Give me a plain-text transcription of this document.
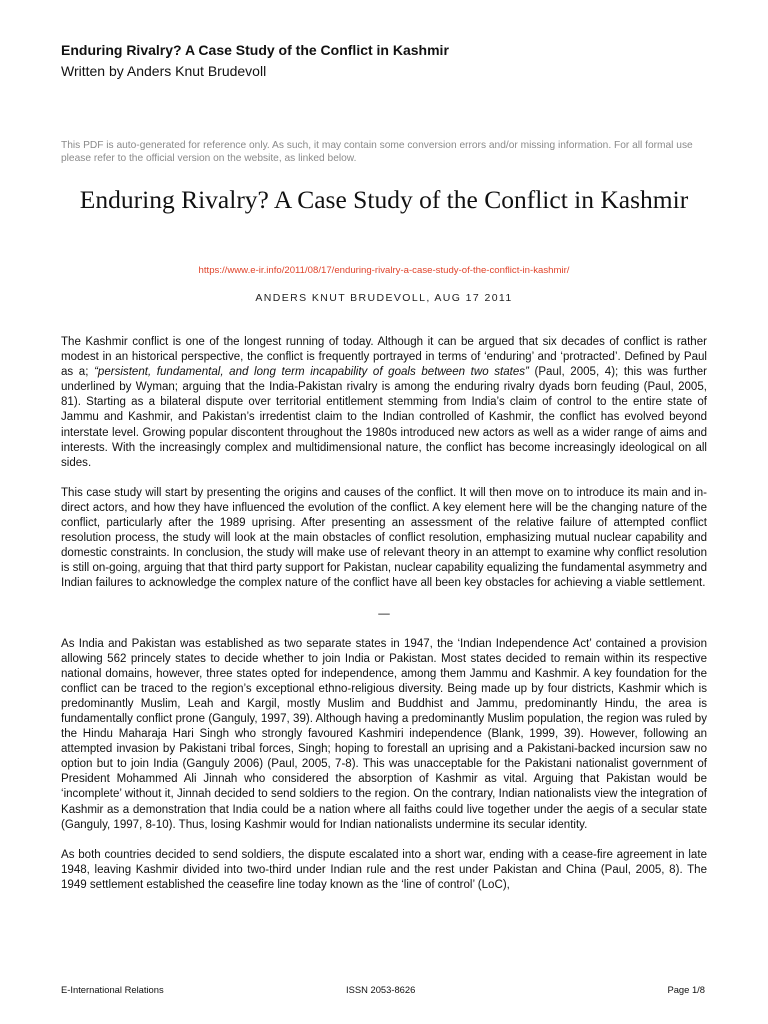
Enduring Rivalry? A Case Study of the Conflict in Kashmir
Written by Anders Knut Brudevoll
This PDF is auto-generated for reference only. As such, it may contain some conversion errors and/or missing information. For all formal use please refer to the official version on the website, as linked below.
Enduring Rivalry? A Case Study of the Conflict in Kashmir
https://www.e-ir.info/2011/08/17/enduring-rivalry-a-case-study-of-the-conflict-in-kashmir/
ANDERS KNUT BRUDEVOLL, AUG 17 2011

The Kashmir conflict is one of the longest running of today. Although it can be argued that six decades of conflict is rather modest in an historical perspective, the conflict is frequently portrayed in terms of ‘enduring’ and ‘protracted’. Defined by Paul as a; “persistent, fundamental, and long term incapability of goals between two states” (Paul, 2005, 4); this was further underlined by Wyman; arguing that the India-Pakistan rivalry is among the enduring rivalry dyads born feuding (Paul, 2005, 81). Starting as a bilateral dispute over territorial entitlement stemming from India’s claim of control to the entire state of Jammu and Kashmir, and Pakistan’s irredentist claim to the Indian controlled of Kashmir, the conflict has evolved beyond interstate level. Growing popular discontent throughout the 1980s introduced new actors as well as a wider range of aims and interests. With the increasingly complex and multidimensional nature, the conflict has become increasingly ideological on all sides.

This case study will start by presenting the origins and causes of the conflict. It will then move on to introduce its main and in-direct actors, and how they have influenced the evolution of the conflict. A key element here will be the changing nature of the conflict, particularly after the 1989 uprising. After presenting an assessment of the relative failure of attempted conflict resolution process, the study will look at the main obstacles of conflict resolution, emphasizing mutual nuclear capability and domestic constraints. In conclusion, the study will make use of relevant theory in an attempt to examine why conflict resolution is still on-going, arguing that that third party support for Pakistan, nuclear capability equalizing the fundamental asymmetry and Indian failures to acknowledge the complex nature of the conflict have all been key obstacles for achieving a viable settlement.

—

As India and Pakistan was established as two separate states in 1947, the ‘Indian Independence Act’ contained a provision allowing 562 princely states to decide whether to join India or Pakistan. Most states decided to remain within its respective national domains, however, three states opted for independence, among them Jammu and Kashmir. A key foundation for the conflict can be traced to the region’s exceptional ethno-religious diversity. Being made up by four districts, Kashmir which is predominantly Muslim, Leah and Kargil, mostly Muslim and Buddhist and Jammu, predominantly Hindu, the area is fundamentally conflict prone (Ganguly, 1997, 39). Although having a predominantly Muslim population, the region was ruled by the Hindu Maharaja Hari Singh who strongly favoured Kashmiri independence (Blank, 1999, 39). However, following an attempted invasion by Pakistani tribal forces, Singh; hoping to forestall an uprising and a Pakistani-backed incursion saw no option but to join India (Ganguly 2006) (Paul, 2005, 7-8). This was unacceptable for the Pakistani nationalist government of President Mohammed Ali Jinnah who considered the absorption of Kashmir as vital. Arguing that Pakistan would be ‘incomplete’ without it, Jinnah decided to send soldiers to the region. On the contrary, Indian nationalists view the integration of Kashmir as a demonstration that India could be a nation where all faiths could live together under the aegis of a secular state (Ganguly, 1997, 8-10). Thus, losing Kashmir would for Indian nationalists undermine its secular identity.

As both countries decided to send soldiers, the dispute escalated into a short war, ending with a cease-fire agreement in late 1948, leaving Kashmir divided into two-third under Indian rule and the rest under Pakistan and China (Paul, 2005, 8). The 1949 settlement established the ceasefire line today known as the ‘line of control’ (LoC),

E-International Relations	ISSN 2053-8626	Page 1/8
